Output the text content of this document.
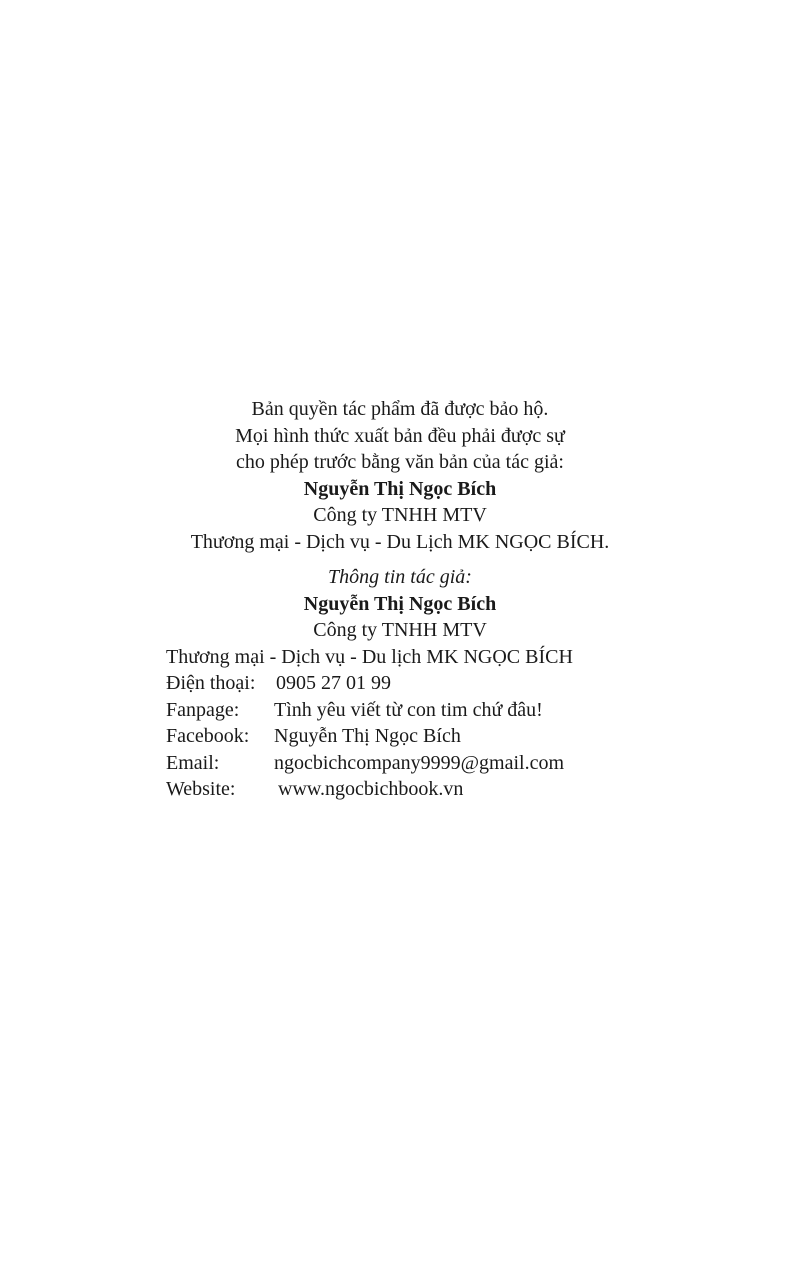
Bản quyền tác phẩm đã được bảo hộ.
Mọi hình thức xuất bản đều phải được sự
cho phép trước bằng văn bản của tác giả:
Nguyễn Thị Ngọc Bích
Công ty TNHH MTV
Thương mại - Dịch vụ - Du Lịch MK NGỌC BÍCH.
Thông tin tác giả:
Nguyễn Thị Ngọc Bích
Công ty TNHH MTV
Thương mại - Dịch vụ - Du lịch MK NGỌC BÍCH
Điện thoại: 0905 27 01 99
Fanpage: Tình yêu viết từ con tim chứ đâu!
Facebook: Nguyễn Thị Ngọc Bích
Email:	ngocbichcompany9999@gmail.com
Website: www.ngocbichbook.vn
